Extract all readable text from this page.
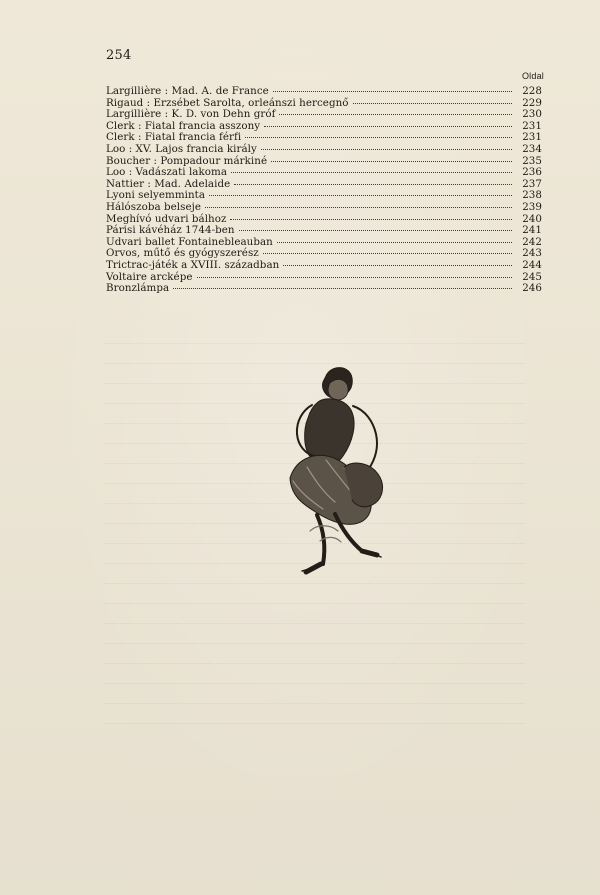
254
Oldal
Largillière : Mad. A. de France	228
Rigaud : Erzsébet Sarolta, orleánszi hercegnő	229
Largillière : K. D. von Dehn gróf	230
Clerk : Fiatal francia asszony	231
Clerk : Fiatal francia férfi	231
Loo : XV. Lajos francia király	234
Boucher : Pompadour márkiné	235
Loo : Vadászati lakoma	236
Nattier : Mad. Adelaide	237
Lyoni selyemminta	238
Hálószoba belseje	239
Meghívó udvari bálhoz	240
Párisi kávéház 1744-ben	241
Udvari ballet Fontainebleauban	242
Orvos, műtő és gyógyszerész	243
Trictrac-játék a XVIII. században	244
Voltaire arcképe	245
Bronzlámpa	246
